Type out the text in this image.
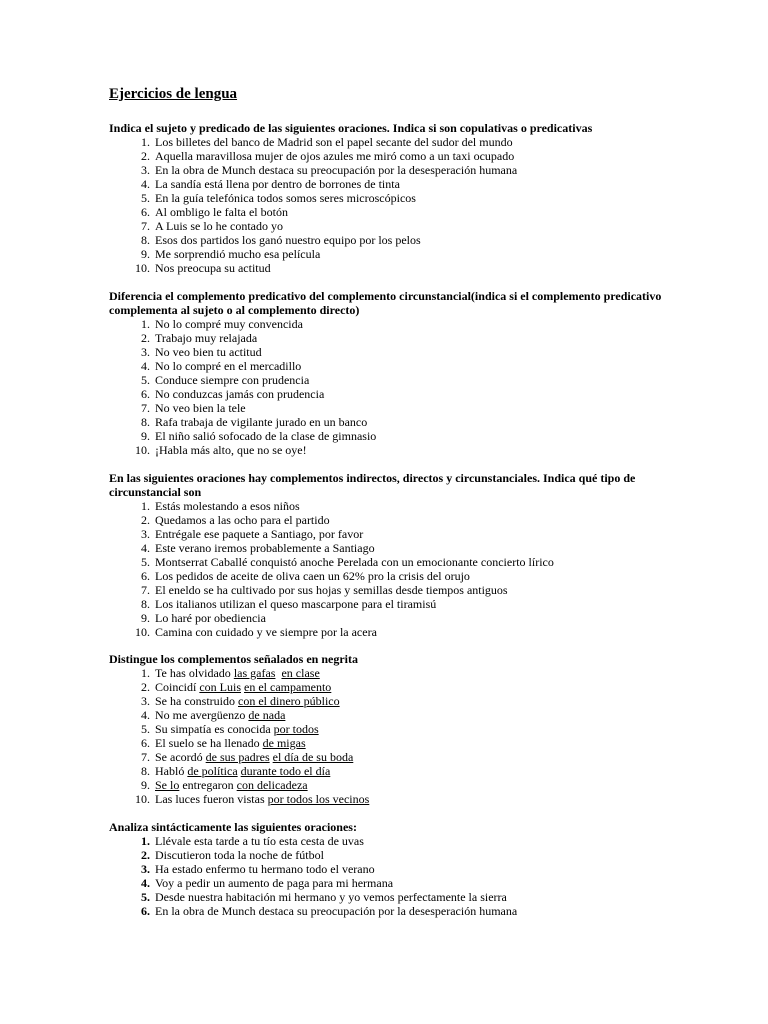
Ejercicios de lengua

Indica el sujeto y predicado de las siguientes oraciones. Indica si son copulativas o predicativas

1. Los billetes del banco de Madrid son el papel secante del sudor del mundo
2. Aquella maravillosa mujer de ojos azules me miró como a un taxi ocupado
3. En la obra de Munch destaca su preocupación por la desesperación humana
4. La sandía está llena por dentro de borrones de tinta
5. En la guía telefónica todos somos seres microscópicos
6. Al ombligo le falta el botón
7. A Luis se lo he contado yo
8. Esos dos partidos los ganó nuestro equipo por los pelos
9. Me sorprendió mucho esa película
10. Nos preocupa su actitud

Diferencia el complemento predicativo del complemento circunstancial(indica si el complemento predicativo complementa al sujeto o al complemento directo)

1. No lo compré muy convencida
2. Trabajo muy relajada
3. No veo bien tu actitud
4. No lo compré en el mercadillo
5. Conduce siempre con prudencia
6. No conduzcas jamás con prudencia
7. No veo bien la tele
8. Rafa trabaja de vigilante jurado en un banco
9. El niño salió sofocado de la clase de gimnasio
10. ¡Habla más alto, que no se oye!

En las siguientes oraciones hay complementos indirectos, directos y circunstanciales. Indica qué tipo de circunstancial son

1. Estás molestando a esos niños
2. Quedamos a las ocho para el partido
3. Entrégale ese paquete a Santiago, por favor
4. Este verano iremos probablemente a Santiago
5. Montserrat Caballé conquistó anoche Perelada con un emocionante concierto lírico
6. Los pedidos de aceite de oliva caen un 62% pro la crisis del orujo
7. El eneldo se ha cultivado por sus hojas y semillas desde tiempos antiguos
8. Los italianos utilizan el queso mascarpone para el tiramisú
9. Lo haré por obediencia
10. Camina con cuidado y ve siempre por la acera

Distingue los complementos señalados en negrita

1. Te has olvidado las gafas en clase
2. Coincidí con Luis en el campamento
3. Se ha construido con el dinero público
4. No me avergüenzo de nada
5. Su simpatía es conocida por todos
6. El suelo se ha llenado de migas
7. Se acordó de sus padres el día de su boda
8. Habló de política durante todo el día
9. Se lo entregaron con delicadeza
10. Las luces fueron vistas por todos los vecinos

Analiza sintácticamente las siguientes oraciones:

1. Llévale esta tarde a tu tío esta cesta de uvas
2. Discutieron toda la noche de fútbol
3. Ha estado enfermo tu hermano todo el verano
4. Voy a pedir un aumento de paga para mi hermana
5. Desde nuestra habitación mi hermano y yo vemos perfectamente la sierra
6. En la obra de Munch destaca su preocupación por la desesperación humana
